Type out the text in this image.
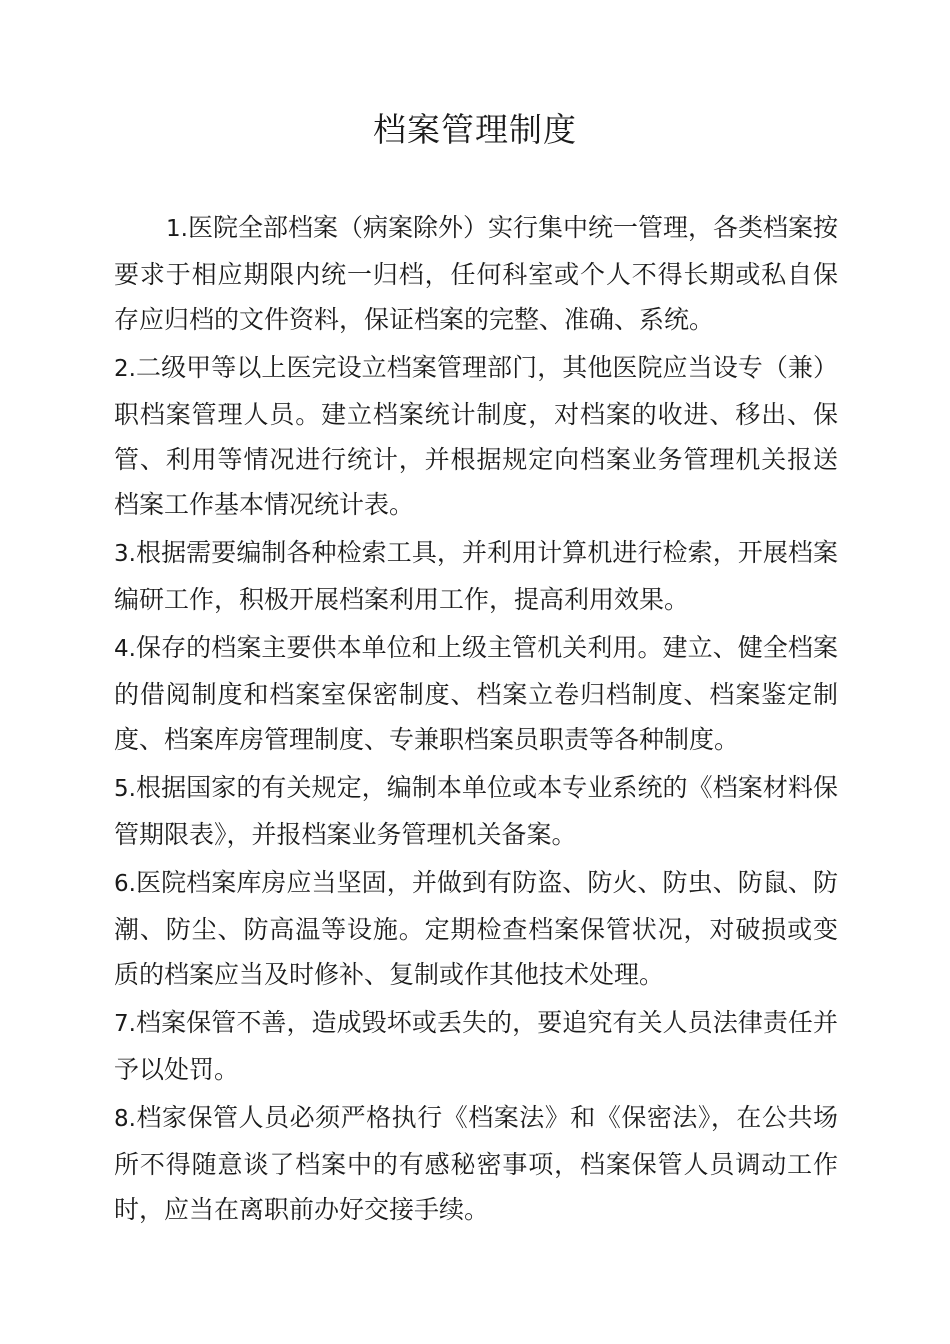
档案管理制度

1.医院全部档案（病案除外）实行集中统一管理，各类档案按要求于相应期限内统一归档，任何科室或个人不得长期或私自保存应归档的文件资料，保证档案的完整、准确、系统。

2.二级甲等以上医完设立档案管理部门，其他医院应当设专（兼） 职档案管理人员。建立档案统计制度，对档案的收进、移出、保 管、利用等情况进行统计，并根据规定向档案业务管理机关报送 档案工作基本情况统计表。

3.根据需要编制各种检索工具，并利用计算机进行检索，开展档案编研工作，积极开展档案利用工作，提高利用效果。

4.保存的档案主要供本单位和上级主管机关利用。建立、健全档案的借阅制度和档案室保密制度、档案立卷归档制度、档案鉴定制度、档案库房管理制度、专兼职档案员职责等各种制度。

5.根据国家的有关规定，编制本单位或本专业系统的《档案材料保管期限表》，并报档案业务管理机关备案。

6.医院档案库房应当坚固，并做到有防盗、防火、防虫、防鼠、防潮、防尘、防高温等设施。定期检查档案保管状况，对破损或变质的档案应当及时修补、复制或作其他技术处理。

7.档案保管不善，造成毁坏或丢失的，要追究有关人员法律责任并予以处罚。

8.档家保管人员必须严格执行《档案法》和《保密法》，在公共场所不得随意谈了档案中的有感秘密事项，档案保管人员调动工作时，应当在离职前办好交接手续。
